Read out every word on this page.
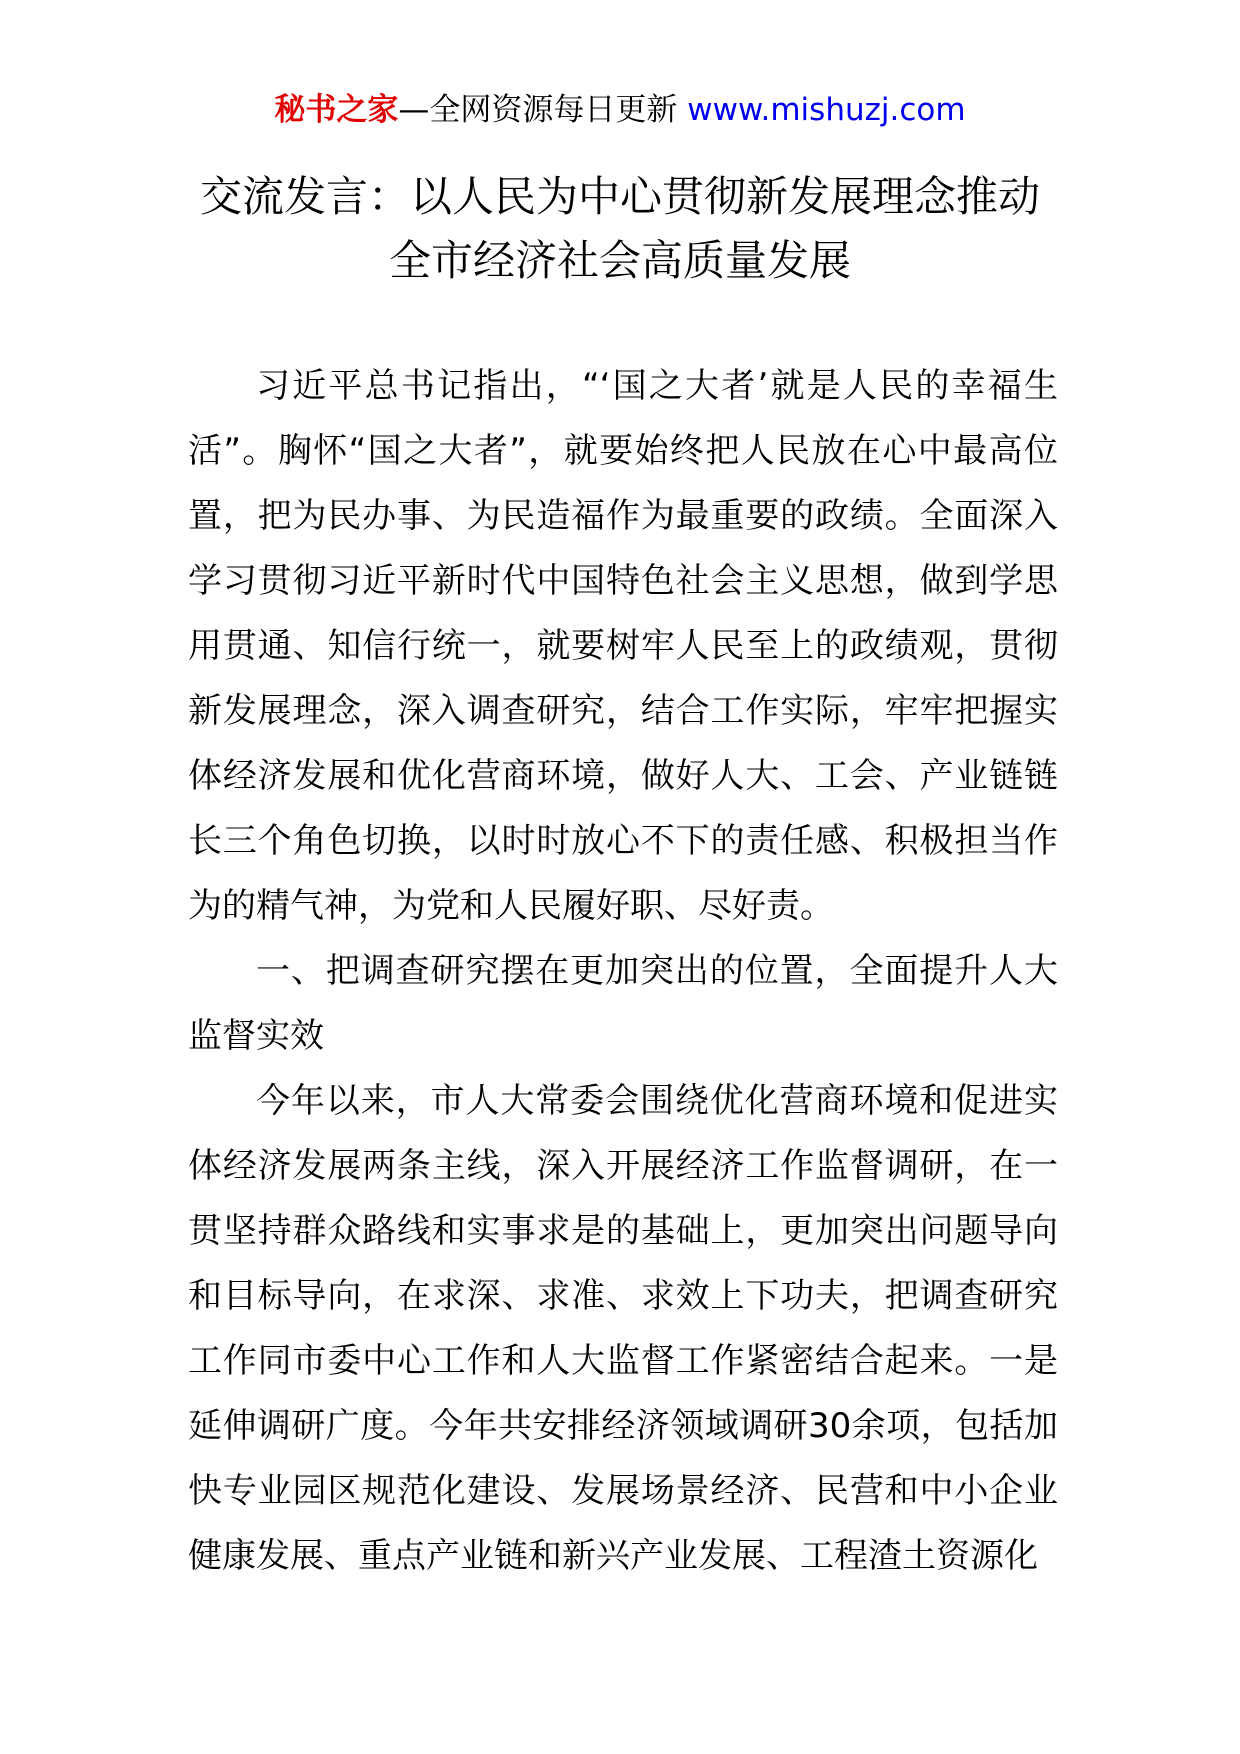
秘书之家—全网资源每日更新 www.mishuzj.com
交流发言：以人民为中心贯彻新发展理念推动
全市经济社会高质量发展

习近平总书记指出，“‘国之大者’就是人民的幸福生活”。胸怀“国之大者”，就要始终把人民放在心中最高位置，把为民办事、为民造福作为最重要的政绩。全面深入学习贯彻习近平新时代中国特色社会主义思想，做到学思用贯通、知信行统一，就要树牢人民至上的政绩观，贯彻新发展理念，深入调查研究，结合工作实际，牢牢把握实体经济发展和优化营商环境，做好人大、工会、产业链链长三个角色切换，以时时放心不下的责任感、积极担当作为的精气神，为党和人民履好职、尽好责。

一、把调查研究摆在更加突出的位置，全面提升人大监督实效

今年以来，市人大常委会围绕优化营商环境和促进实体经济发展两条主线，深入开展经济工作监督调研，在一贯坚持群众路线和实事求是的基础上，更加突出问题导向和目标导向，在求深、求准、求效上下功夫，把调查研究工作同市委中心工作和人大监督工作紧密结合起来。一是延伸调研广度。今年共安排经济领域调研30余项，包括加快专业园区规范化建设、发展场景经济、民营和中小企业健康发展、重点产业链和新兴产业发展、工程渣土资源化
